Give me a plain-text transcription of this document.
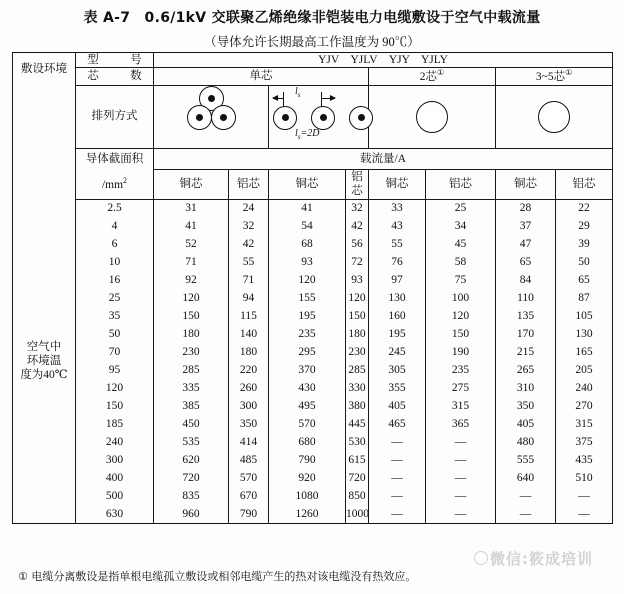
表 A-7　0.6/1kV 交联聚乙烯绝缘非铠装电力电缆敷设于空气中载流量
（导体允许长期最高工作温度为 90℃）
敷设环境	型　号	YJV　YJLV　YJY　YJLY							
	芯　数	单芯				2芯①		3~5芯①
	排列方式			$l_s$
$l_s=2D$					

	导体截面积	载流量/A							
	$/mm^2$	铜芯	铝芯	铜芯	铝芯	铜芯	铝芯	铜芯	铝芯

空气中
环境温
度为40℃	2.5	31	24	41	32	33	25	28	22
	4	41	32	54	42	43	34	37	29
	6	52	42	68	56	55	45	47	39
	10	71	55	93	72	76	58	65	50
	16	92	71	120	93	97	75	84	65
	25	120	94	155	120	130	100	110	87
	35	150	115	195	150	160	120	135	105
	50	180	140	235	180	195	150	170	130
	70	230	180	295	230	245	190	215	165
	95	285	220	370	285	305	235	265	205
	120	335	260	430	330	355	275	310	240
	150	385	300	495	380	405	315	350	270
	185	450	350	570	445	465	365	405	315
	240	535	414	680	530	—	—	480	375
	300	620	485	790	615	—	—	555	435
	400	720	570	920	720	—	—	640	510
	500	835	670	1080	850	—	—	—	—
	630	960	790	1260	1000	—	—	—	—
① 电缆分离敷设是指单根电缆孤立敷设或相邻电缆产生的热对该电缆没有热效应。
微信:筱成培训
